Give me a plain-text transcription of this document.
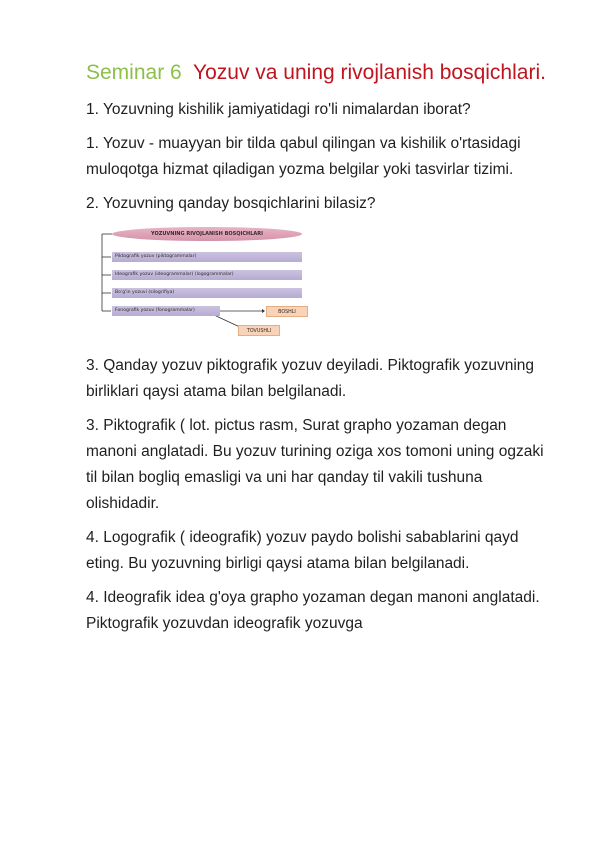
Seminar 6 Yozuv va uning rivojlanish bosqichlari.

1. Yozuvning kishilik jamiyatidagi ro'li nimalardan iborat?

1. Yozuv - muayyan bir tilda qabul qilingan va kishilik o'rtasidagi muloqotga hizmat qiladigan yozma belgilar yoki tasvirlar tizimi.

2. Yozuvning qanday bosqichlarini bilasiz?

YOZUVNING RIVOJLANISH BOSQICHLARI
Piktografik yozuv (piktogrammalar)
Ideografik yozuv (ideogrammalar) (logogrammalar)
Bo'g'in yozuvi (silogrifiya)
Fonografik yozuv (fonogrammalar)	BOSHLI
TOVUSHLI

3. Qanday yozuv piktografik yozuv deyiladi. Piktografik yozuvning birliklari qaysi atama bilan belgilanadi.

3. Piktografik ( lot. pictus rasm, Surat grapho yozaman degan manoni anglatadi. Bu yozuv turining oziga xos tomoni uning ogzaki til bilan bogliq emasligi va uni har qanday til vakili tushuna olishidadir.

4. Logografik ( ideografik) yozuv paydo bolishi sabablarini qayd eting. Bu yozuvning birligi qaysi atama bilan belgilanadi.

4. Ideografik idea g'oya grapho yozaman degan manoni anglatadi. Piktografik yozuvdan ideografik yozuvga
